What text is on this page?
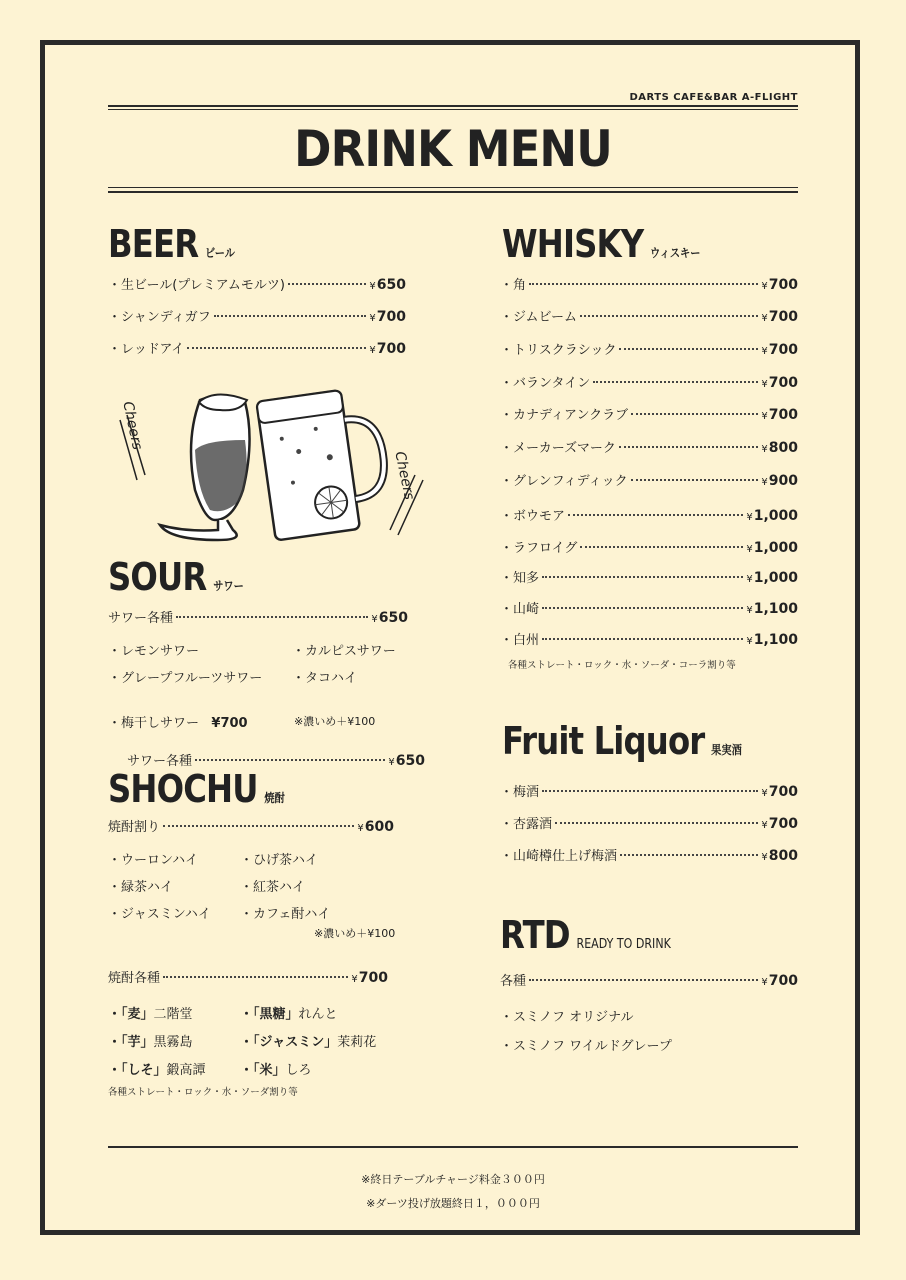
DARTS CAFE&BAR A-FLIGHT
DRINK MENU
BEER ビール
・生ビール(プレミアムモルツ)	¥650
・シャンディガフ	¥700
・レッドアイ	¥700
Cheers
Cheers
SOUR サワー
サワー各種	¥650
・レモンサワー	・カルピスサワー
・グレープフルーツサワー ・タコハイ
・梅干しサワー ¥700	※濃いめ＋¥100
サワー各種	¥650
SHOCHU 焼酎
焼酎割り	¥600
・ウーロンハイ	・ひげ茶ハイ
・緑茶ハイ	・紅茶ハイ
・ジャスミンハイ ・カフェ酎ハイ
※濃いめ＋¥100
焼酎各種	¥700
・「麦」二階堂	・「黒糖」れんと
・「芋」黒霧島	・「ジャスミン」茉莉花
・「しそ」鍛高譚	・「米」しろ
各種ストレート・ロック・水・ソーダ割り等
WHISKY ウィスキー
・角	¥700
・ジムビーム	¥700
・トリスクラシック	¥700
・バランタイン	¥700
・カナディアンクラブ	¥700
・メーカーズマーク	¥800
・グレンフィディック	¥900
・ボウモア	¥1,000
・ラフロイグ	¥1,000
・知多	¥1,000
・山崎	¥1,100
・白州	¥1,100
各種ストレート・ロック・水・ソーダ・コーラ割り等
Fruit Liquor 果実酒
・梅酒	¥700
・杏露酒	¥700
・山崎樽仕上げ梅酒	¥800
RTD READY TO DRINK
各種	¥700
・スミノフ オリジナル
・スミノフ ワイルドグレープ
※終日テーブルチャージ料金３００円
※ダーツ投げ放題終日１，０００円
